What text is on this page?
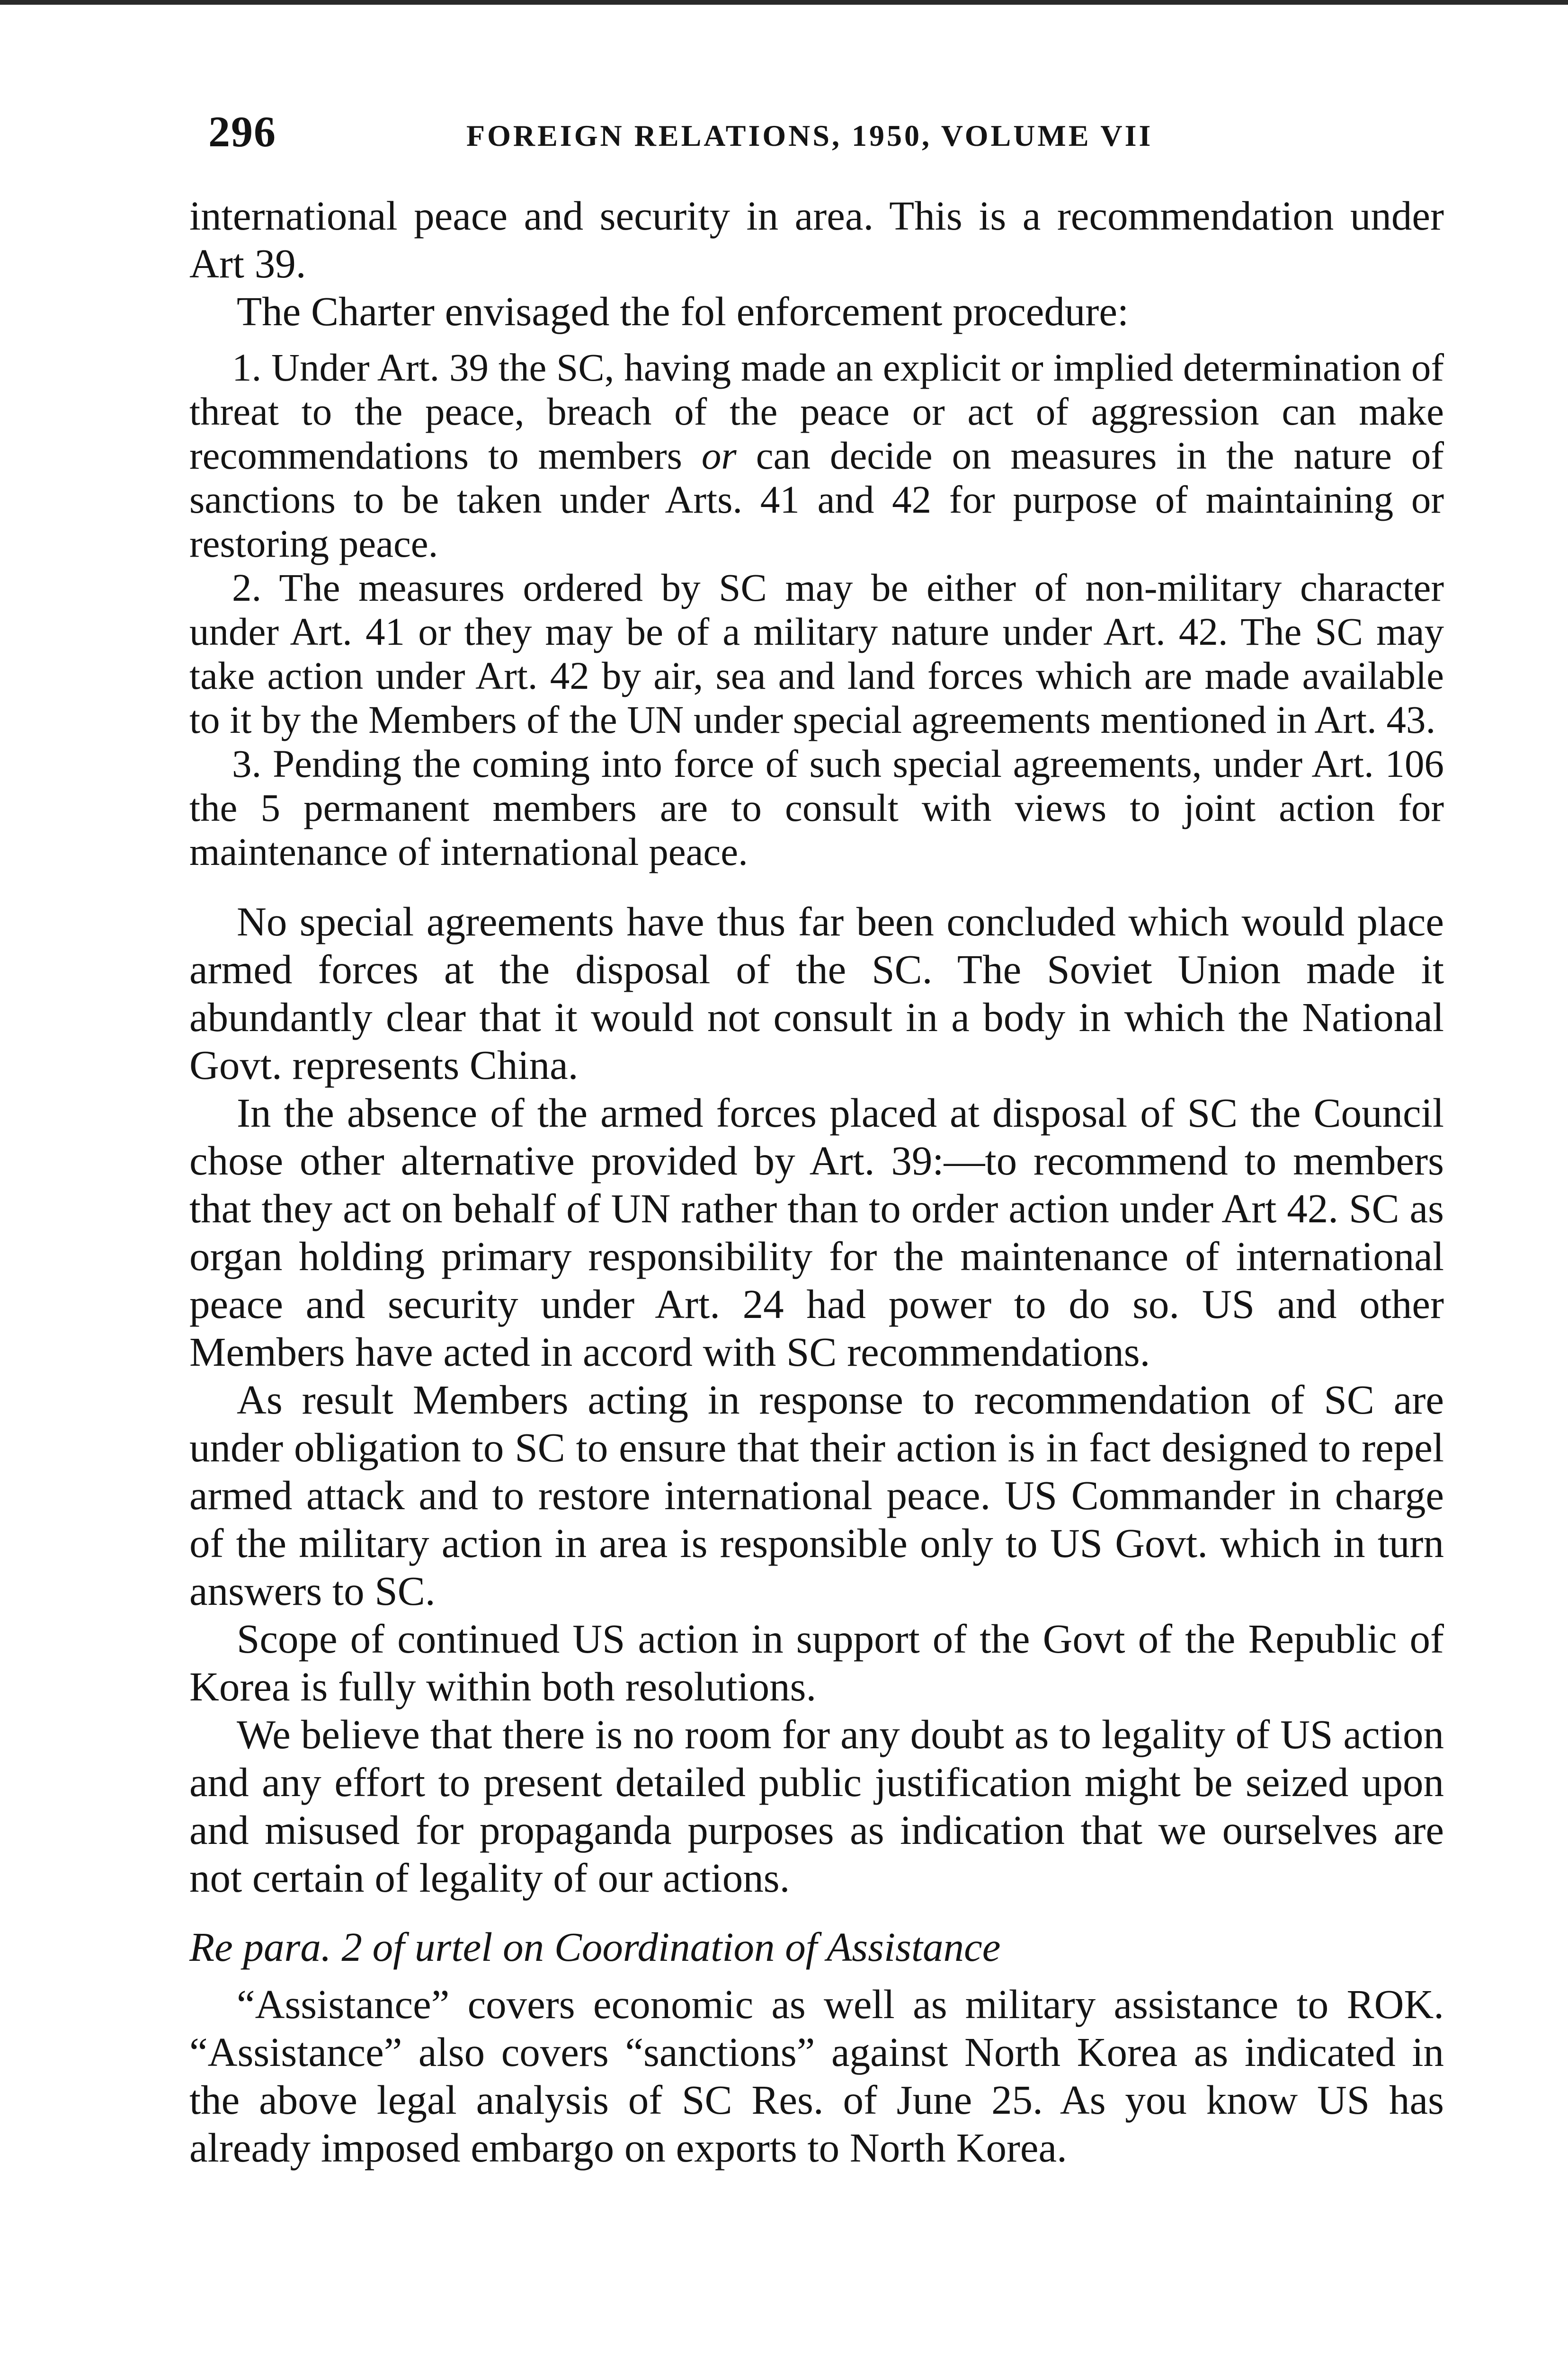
296	FOREIGN RELATIONS, 1950, VOLUME VII

international peace and security in area. This is a recommendation under Art 39.

The Charter envisaged the fol enforcement procedure:

1. Under Art. 39 the SC, having made an explicit or implied determination of threat to the peace, breach of the peace or act of aggression can make recommendations to members or can decide on measures in the nature of sanctions to be taken under Arts. 41 and 42 for purpose of maintaining or restoring peace.

2. The measures ordered by SC may be either of non-military character under Art. 41 or they may be of a military nature under Art. 42. The SC may take action under Art. 42 by air, sea and land forces which are made available to it by the Members of the UN under special agreements mentioned in Art. 43.

3. Pending the coming into force of such special agreements, under Art. 106 the 5 permanent members are to consult with views to joint action for maintenance of international peace.

No special agreements have thus far been concluded which would place armed forces at the disposal of the SC. The Soviet Union made it abundantly clear that it would not consult in a body in which the National Govt. represents China.

In the absence of the armed forces placed at disposal of SC the Council chose other alternative provided by Art. 39:—to recommend to members that they act on behalf of UN rather than to order action under Art 42. SC as organ holding primary responsibility for the maintenance of international peace and security under Art. 24 had power to do so. US and other Members have acted in accord with SC recommendations.

As result Members acting in response to recommendation of SC are under obligation to SC to ensure that their action is in fact designed to repel armed attack and to restore international peace. US Commander in charge of the military action in area is responsible only to US Govt. which in turn answers to SC.

Scope of continued US action in support of the Govt of the Republic of Korea is fully within both resolutions.

We believe that there is no room for any doubt as to legality of US action and any effort to present detailed public justification might be seized upon and misused for propaganda purposes as indication that we ourselves are not certain of legality of our actions.

Re para. 2 of urtel on Coordination of Assistance

“Assistance” covers economic as well as military assistance to ROK. “Assistance” also covers “sanctions” against North Korea as indicated in the above legal analysis of SC Res. of June 25. As you know US has already imposed embargo on exports to North Korea.
